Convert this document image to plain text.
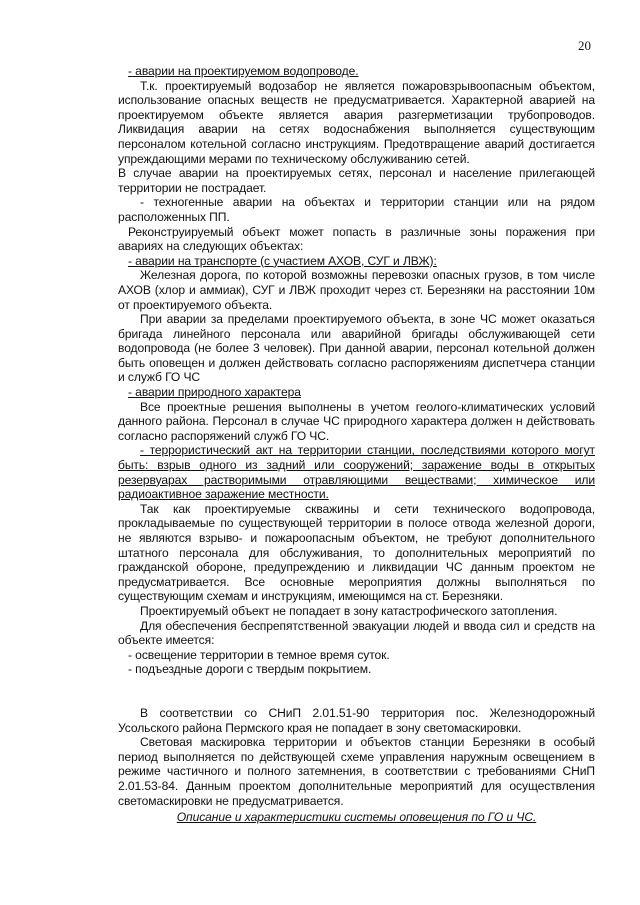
20

- аварии на проектируемом водопроводе.

Т.к. проектируемый водозабор не является пожаровзрывоопасным объектом, использование опасных веществ не предусматривается. Характерной аварией на проектируемом объекте является авария разгерметизации трубопроводов. Ликвидация аварии на сетях водоснабжения выполняется существующим персоналом котельной согласно инструкциям. Предотвращение аварий достигается упреждающими мерами по техническому обслуживанию сетей.

В случае аварии на проектируемых сетях, персонал и население прилегающей территории не пострадает.

- техногенные аварии на объектах и территории станции или на рядом расположенных ПП.

Реконструируемый объект может попасть в различные зоны поражения при авариях на следующих объектах:

- аварии на транспорте (с участием АХОВ, СУГ и ЛВЖ):

Железная дорога, по которой возможны перевозки опасных грузов, в том числе АХОВ (хлор и аммиак), СУГ и ЛВЖ проходит через ст. Березняки на расстоянии 10м от проектируемого объекта.

При аварии за пределами проектируемого объекта, в зоне ЧС может оказаться бригада линейного персонала или аварийной бригады обслуживающей сети водопровода (не более 3 человек). При данной аварии, персонал котельной должен быть оповещен и должен действовать согласно распоряжениям диспетчера станции и служб ГО ЧС

- аварии природного характера

Все проектные решения выполнены в учетом геолого-климатических условий данного района. Персонал в случае ЧС природного характера должен н действовать согласно распоряжений служб ГО ЧС.

- террористический акт на территории станции, последствиями которого могут быть: взрыв одного из задний или сооружений; заражение воды в открытых резервуарах растворимыми отравляющими веществами; химическое или радиоактивное заражение местности.

Так как проектируемые скважины и сети технического водопровода, прокладываемые по существующей территории в полосе отвода железной дороги, не являются взрыво- и пожароопасным объектом, не требуют дополнительного штатного персонала для обслуживания, то дополнительных мероприятий по гражданской обороне, предупреждению и ликвидации ЧС данным проектом не предусматривается. Все основные мероприятия должны выполняться по существующим схемам и инструкциям, имеющимся на ст. Березняки.

Проектируемый объект не попадает в зону катастрофического затопления.

Для обеспечения беспрепятственной эвакуации людей и ввода сил и средств на объекте имеется:

- освещение территории в темное время суток.

- подъездные дороги с твердым покрытием.

В соответствии со СНиП 2.01.51-90 территория пос. Железнодорожный Усольского района Пермского края не попадает в зону светомаскировки.

Световая маскировка территории и объектов станции Березняки в особый период выполняется по действующей схеме управления наружным освещением в режиме частичного и полного затемнения, в соответствии с требованиями СНиП 2.01.53-84. Данным проектом дополнительные мероприятий для осуществления светомаскировки не предусматривается.

Описание и характеристики системы оповещения по ГО и ЧС.
